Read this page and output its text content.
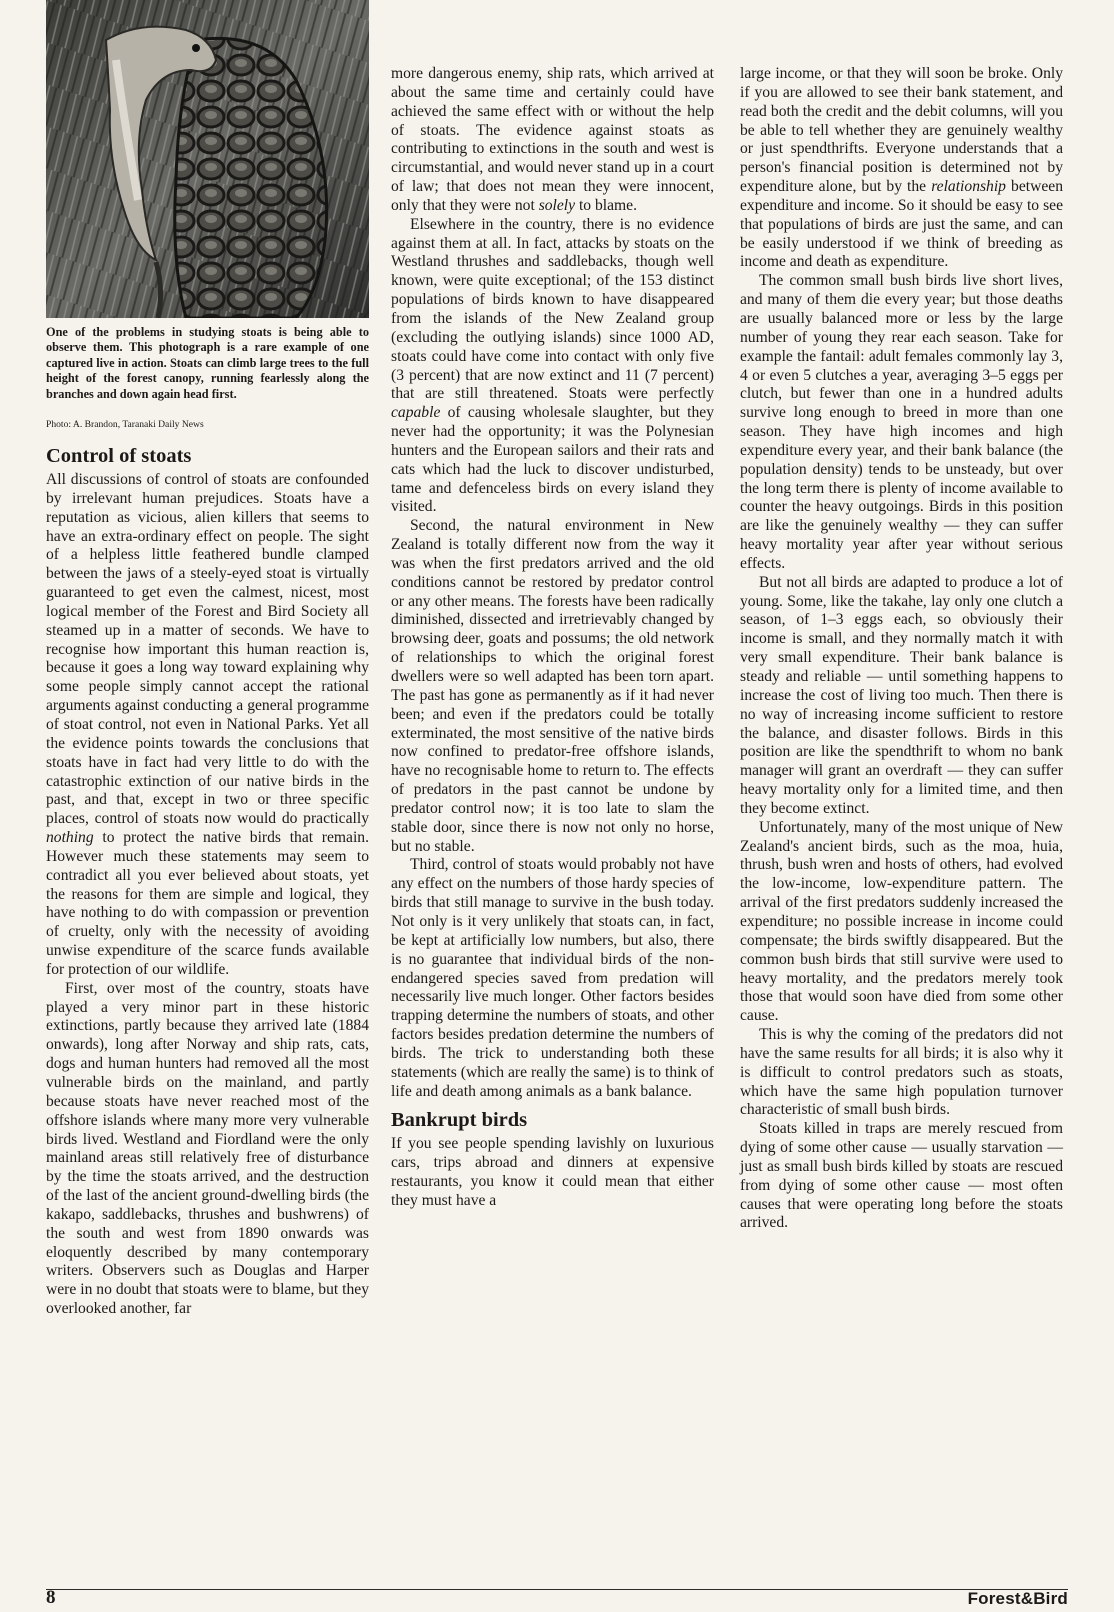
One of the problems in studying stoats is being able to observe them. This photograph is a rare example of one captured live in action. Stoats can climb large trees to the full height of the forest canopy, running fearlessly along the branches and down again head first.
Photo: A. Brandon, Taranaki Daily News
Control of stoats

All discussions of control of stoats are confounded by irrelevant human prejudices. Stoats have a reputation as vicious, alien killers that seems to have an extra-ordinary effect on people. The sight of a helpless little feathered bundle clamped between the jaws of a steely-eyed stoat is virtually guaranteed to get even the calmest, nicest, most logical member of the Forest and Bird Society all steamed up in a matter of seconds. We have to recognise how important this human reaction is, because it goes a long way toward explaining why some people simply cannot accept the rational arguments against conducting a general programme of stoat control, not even in National Parks. Yet all the evidence points towards the conclusions that stoats have in fact had very little to do with the catastrophic extinction of our native birds in the past, and that, except in two or three specific places, control of stoats now would do practically nothing to protect the native birds that remain. However much these statements may seem to contradict all you ever believed about stoats, yet the reasons for them are simple and logical, they have nothing to do with compassion or prevention of cruelty, only with the necessity of avoiding unwise expenditure of the scarce funds available for protection of our wildlife.

First, over most of the country, stoats have played a very minor part in these historic extinctions, partly because they arrived late (1884 onwards), long after Norway and ship rats, cats, dogs and human hunters had removed all the most vulnerable birds on the mainland, and partly because stoats have never reached most of the offshore islands where many more very vulnerable birds lived. Westland and Fiordland were the only mainland areas still relatively free of disturbance by the time the stoats arrived, and the destruction of the last of the ancient ground-dwelling birds (the kakapo, saddlebacks, thrushes and bushwrens) of the south and west from 1890 onwards was eloquently described by many contemporary writers. Observers such as Douglas and Harper were in no doubt that stoats were to blame, but they overlooked another, far

more dangerous enemy, ship rats, which arrived at about the same time and certainly could have achieved the same effect with or without the help of stoats. The evidence against stoats as contributing to extinctions in the south and west is circumstantial, and would never stand up in a court of law; that does not mean they were innocent, only that they were not solely to blame.

Elsewhere in the country, there is no evidence against them at all. In fact, attacks by stoats on the Westland thrushes and saddlebacks, though well known, were quite exceptional; of the 153 distinct populations of birds known to have disappeared from the islands of the New Zealand group (excluding the outlying islands) since 1000 AD, stoats could have come into contact with only five (3 percent) that are now extinct and 11 (7 percent) that are still threatened. Stoats were perfectly capable of causing wholesale slaughter, but they never had the opportunity; it was the Polynesian hunters and the European sailors and their rats and cats which had the luck to discover undisturbed, tame and defenceless birds on every island they visited.

Second, the natural environment in New Zealand is totally different now from the way it was when the first predators arrived and the old conditions cannot be restored by predator control or any other means. The forests have been radically diminished, dissected and irretrievably changed by browsing deer, goats and possums; the old network of relationships to which the original forest dwellers were so well adapted has been torn apart. The past has gone as permanently as if it had never been; and even if the predators could be totally exterminated, the most sensitive of the native birds now confined to predator-free offshore islands, have no recognisable home to return to. The effects of predators in the past cannot be undone by predator control now; it is too late to slam the stable door, since there is now not only no horse, but no stable.

Third, control of stoats would probably not have any effect on the numbers of those hardy species of birds that still manage to survive in the bush today. Not only is it very unlikely that stoats can, in fact, be kept at artificially low numbers, but also, there is no guarantee that individual birds of the non-endangered species saved from predation will necessarily live much longer. Other factors besides trapping determine the numbers of stoats, and other factors besides predation determine the numbers of birds. The trick to understanding both these statements (which are really the same) is to think of life and death among animals as a bank balance.

Bankrupt birds

If you see people spending lavishly on luxurious cars, trips abroad and dinners at expensive restaurants, you know it could mean that either they must have a

large income, or that they will soon be broke. Only if you are allowed to see their bank statement, and read both the credit and the debit columns, will you be able to tell whether they are genuinely wealthy or just spendthrifts. Everyone understands that a person's financial position is determined not by expenditure alone, but by the relationship between expenditure and income. So it should be easy to see that populations of birds are just the same, and can be easily understood if we think of breeding as income and death as expenditure.

The common small bush birds live short lives, and many of them die every year; but those deaths are usually balanced more or less by the large number of young they rear each season. Take for example the fantail: adult females commonly lay 3, 4 or even 5 clutches a year, averaging 3–5 eggs per clutch, but fewer than one in a hundred adults survive long enough to breed in more than one season. They have high incomes and high expenditure every year, and their bank balance (the population density) tends to be unsteady, but over the long term there is plenty of income available to counter the heavy outgoings. Birds in this position are like the genuinely wealthy — they can suffer heavy mortality year after year without serious effects.

But not all birds are adapted to produce a lot of young. Some, like the takahe, lay only one clutch a season, of 1–3 eggs each, so obviously their income is small, and they normally match it with very small expenditure. Their bank balance is steady and reliable — until something happens to increase the cost of living too much. Then there is no way of increasing income sufficient to restore the balance, and disaster follows. Birds in this position are like the spendthrift to whom no bank manager will grant an overdraft — they can suffer heavy mortality only for a limited time, and then they become extinct.

Unfortunately, many of the most unique of New Zealand's ancient birds, such as the moa, huia, thrush, bush wren and hosts of others, had evolved the low-income, low-expenditure pattern. The arrival of the first predators suddenly increased the expenditure; no possible increase in income could compensate; the birds swiftly disappeared. But the common bush birds that still survive were used to heavy mortality, and the predators merely took those that would soon have died from some other cause.

This is why the coming of the predators did not have the same results for all birds; it is also why it is difficult to control predators such as stoats, which have the same high population turnover characteristic of small bush birds.

Stoats killed in traps are merely rescued from dying of some other cause — usually starvation — just as small bush birds killed by stoats are rescued from dying of some other cause — most often causes that were operating long before the stoats arrived.

8	Forest&Bird
